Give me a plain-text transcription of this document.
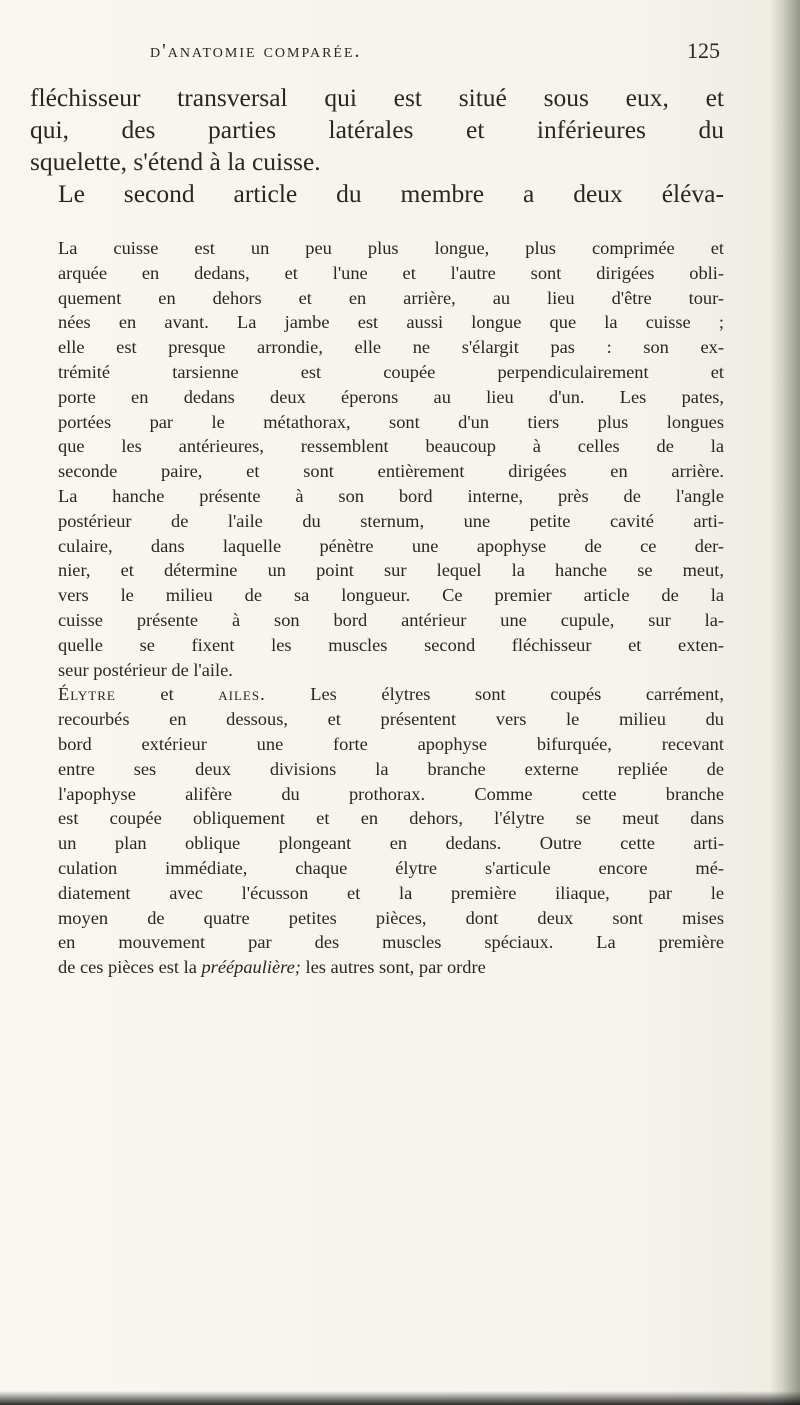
d'anatomie comparée.	125

fléchisseur transversal qui est situé sous eux, et
qui, des parties latérales et inférieures du
squelette, s'étend à la cuisse.

Le second article du membre a deux éléva-

La cuisse est un peu plus longue, plus comprimée et
arquée en dedans, et l'une et l'autre sont dirigées obli-
quement en dehors et en arrière, au lieu d'être tour-
nées en avant. La jambe est aussi longue que la cuisse ;
elle est presque arrondie, elle ne s'élargit pas : son ex-
trémité tarsienne est coupée perpendiculairement et
porte en dedans deux éperons au lieu d'un. Les pates,
portées par le métathorax, sont d'un tiers plus longues
que les antérieures, ressemblent beaucoup à celles de la
seconde paire, et sont entièrement dirigées en arrière.
La hanche présente à son bord interne, près de l'angle
postérieur de l'aile du sternum, une petite cavité arti-
culaire, dans laquelle pénètre une apophyse de ce der-
nier, et détermine un point sur lequel la hanche se meut,
vers le milieu de sa longueur. Ce premier article de la
cuisse présente à son bord antérieur une cupule, sur la-
quelle se fixent les muscles second fléchisseur et exten-
seur postérieur de l'aile.

Élytre et ailes. Les élytres sont coupés carrément,
recourbés en dessous, et présentent vers le milieu du
bord extérieur une forte apophyse bifurquée, recevant
entre ses deux divisions la branche externe repliée de
l'apophyse alifère du prothorax. Comme cette branche
est coupée obliquement et en dehors, l'élytre se meut dans
un plan oblique plongeant en dedans. Outre cette arti-
culation immédiate, chaque élytre s'articule encore mé-
diatement avec l'écusson et la première iliaque, par le
moyen de quatre petites pièces, dont deux sont mises
en mouvement par des muscles spéciaux. La première
de ces pièces est la préépaulière; les autres sont, par ordre
